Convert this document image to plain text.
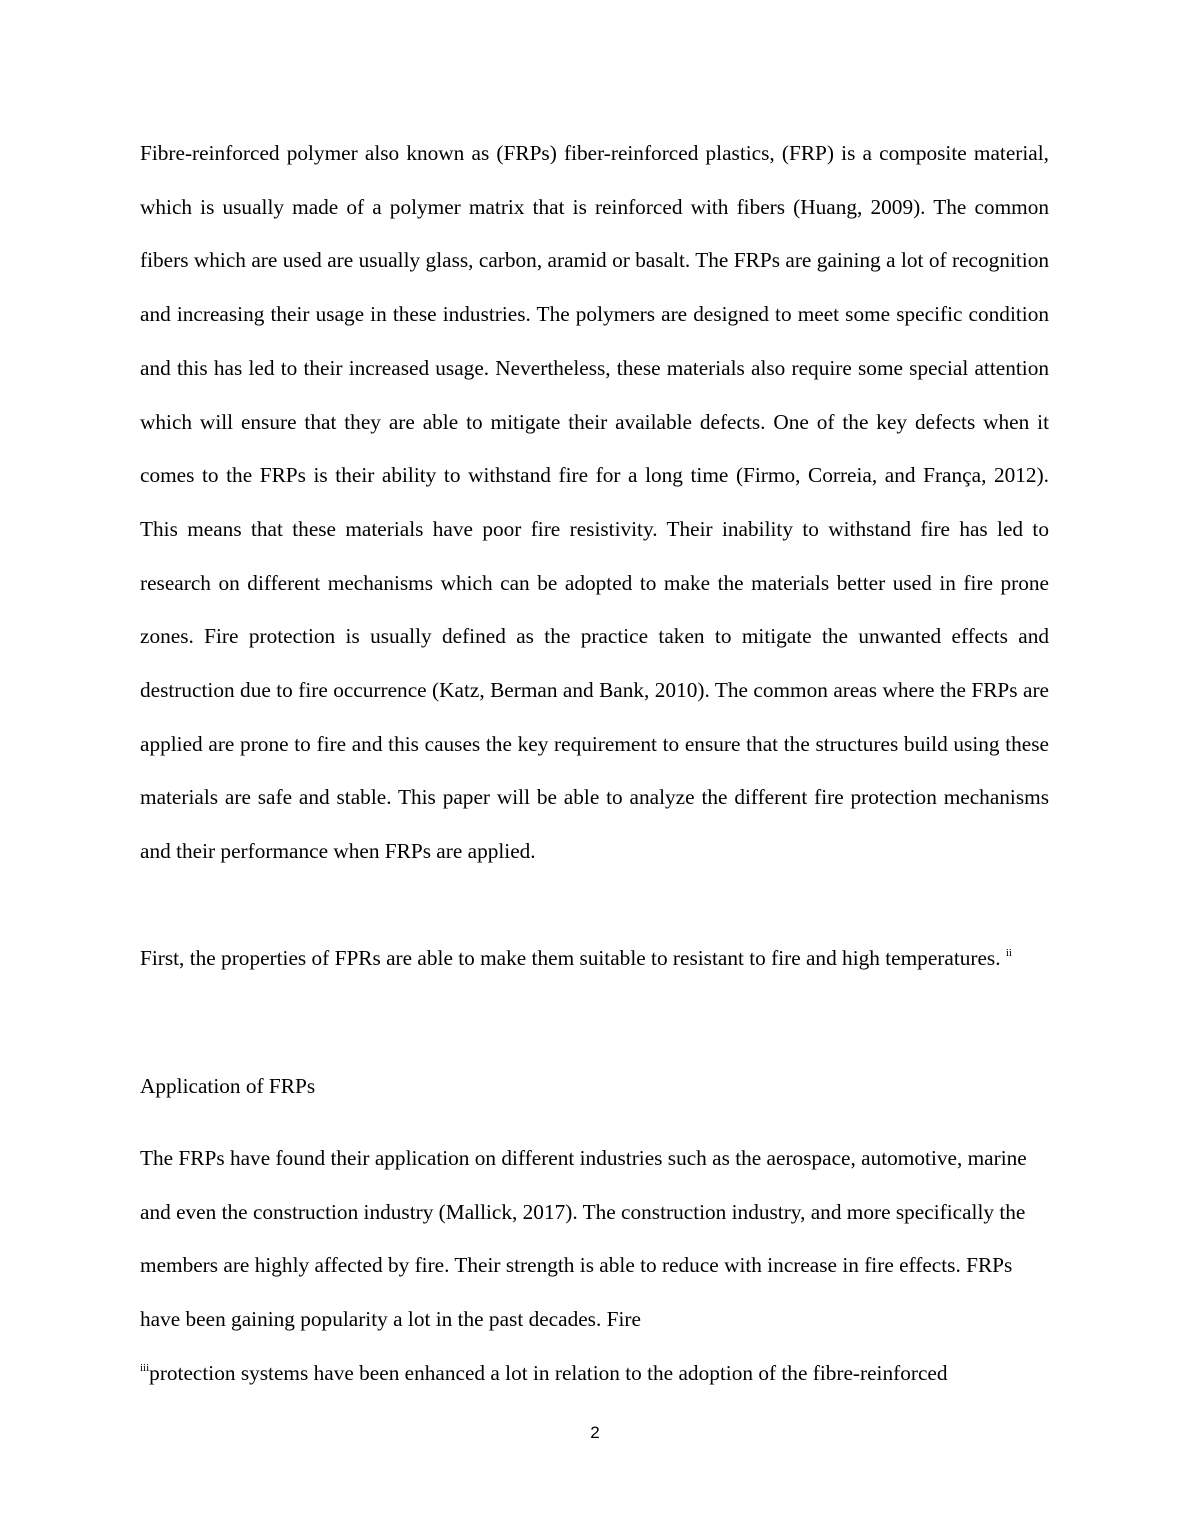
Fibre-reinforced polymer also known as (FRPs) fiber-reinforced plastics, (FRP) is a composite material, which is usually made of a polymer matrix that is reinforced with fibers (Huang, 2009). The common fibers which are used are usually glass, carbon, aramid or basalt. The FRPs are gaining a lot of recognition and increasing their usage in these industries. The polymers are designed to meet some specific condition and this has led to their increased usage. Nevertheless, these materials also require some special attention which will ensure that they are able to mitigate their available defects. One of the key defects when it comes to the FRPs is their ability to withstand fire for a long time (Firmo, Correia, and França, 2012). This means that these materials have poor fire resistivity. Their inability to withstand fire has led to research on different mechanisms which can be adopted to make the materials better used in fire prone zones. Fire protection is usually defined as the practice taken to mitigate the unwanted effects and destruction due to fire occurrence (Katz, Berman and Bank, 2010). The common areas where the FRPs are applied are prone to fire and this causes the key requirement to ensure that the structures build using these materials are safe and stable. This paper will be able to analyze the different fire protection mechanisms and their performance when FRPs are applied.

First, the properties of FPRs are able to make them suitable to resistant to fire and high temperatures. $^{ii}$

Application of FRPs

The FRPs have found their application on different industries such as the aerospace, automotive, marine and even the construction industry (Mallick, 2017). The construction industry, and more specifically the members are highly affected by fire. Their strength is able to reduce with increase in fire effects. FRPs have been gaining popularity a lot in the past decades. Fire
$^{iii}$protection systems have been enhanced a lot in relation to the adoption of the fibre-reinforced

2
